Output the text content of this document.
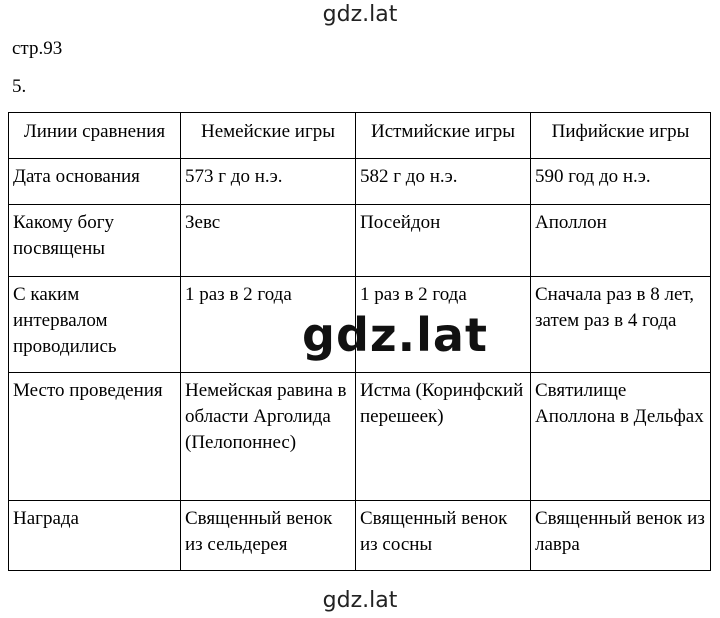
gdz.lat
стр.93
5.
Линии сравнения	Немейские игры	Истмийские игры	Пифийские игры
Дата основания	573 г до н.э.	582 г до н.э.	590 год до н.э.
Какому богу
посвящены	Зевс	Посейдон	Аполлон
С каким
интервалом
проводились	1 раз в 2 года	1 раз в 2 года	Сначала раз в 8 лет, затем раз в 4 года
Место проведения	Немейская равина в области Арголида (Пелопоннес)	Истма (Коринфский перешеек)	Святилище Аполлона в Дельфах
Награда	Священный венок из сельдерея	Священный венок из сосны	Священный венок из лавра
gdz.lat
gdz.lat
